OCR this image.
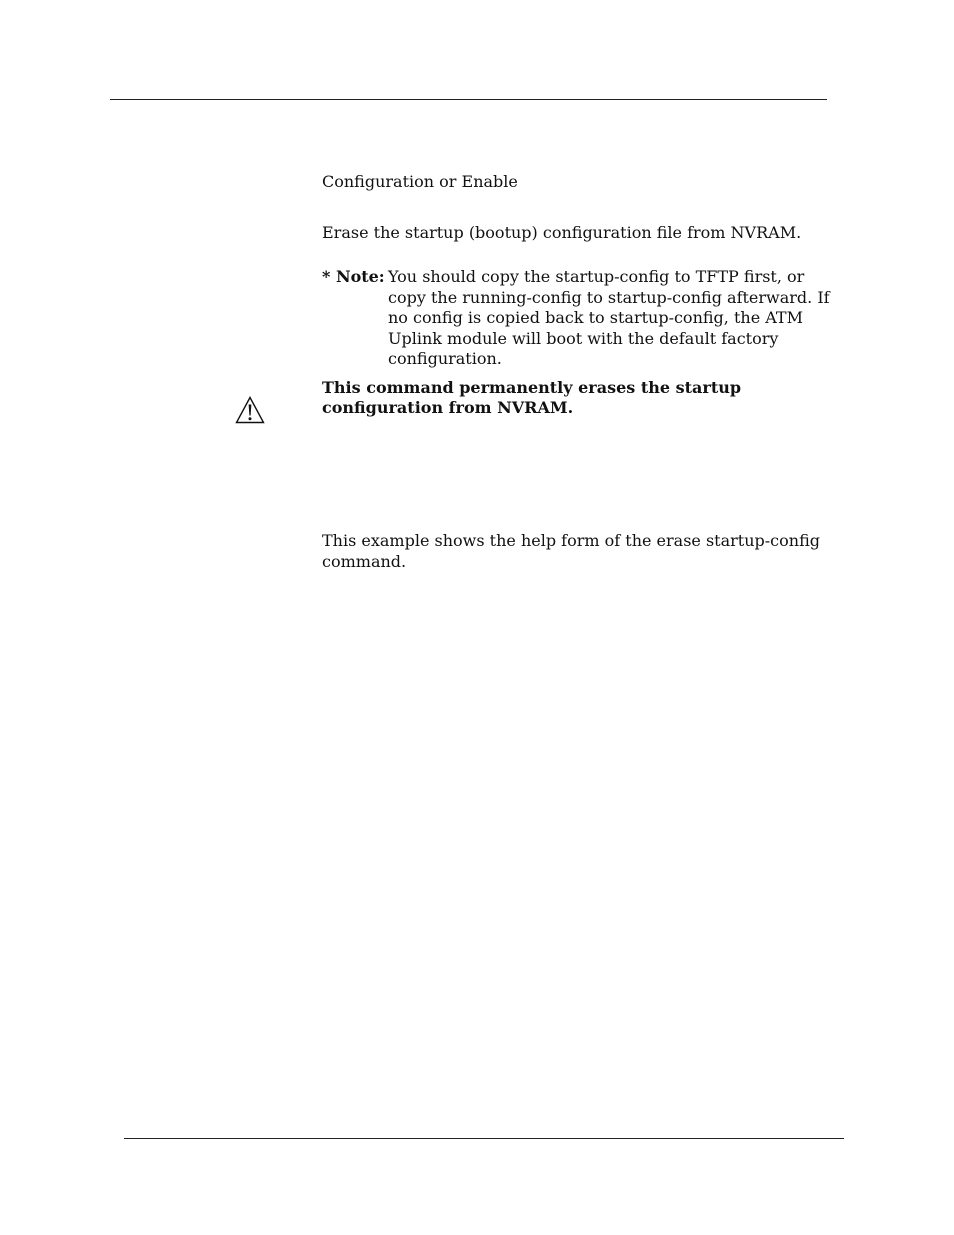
Configuration or Enable

Erase the startup (bootup) configuration file from NVRAM.

* Note: You should copy the startup-config to TFTP first, or copy the running-config to startup-config afterward. If no config is copied back to startup-config, the ATM Uplink module will boot with the default factory configuration.

This command permanently erases the startup configuration from NVRAM.

This example shows the help form of the erase startup-config command.
